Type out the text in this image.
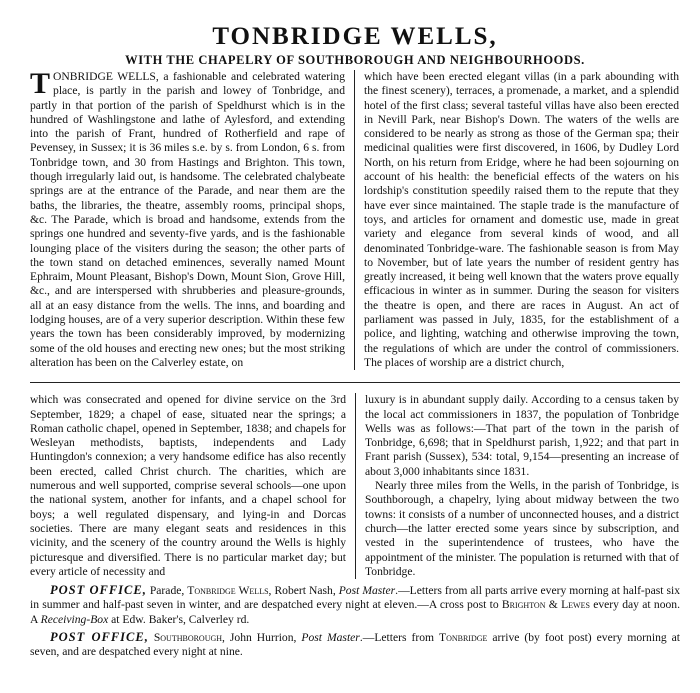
TONBRIDGE WELLS,
WITH THE CHAPELRY OF SOUTHBOROUGH AND NEIGHBOURHOODS.

TONBRIDGE WELLS, a fashionable and celebrated watering place, is partly in the parish and lowey of Tonbridge, and partly in that portion of the parish of Speldhurst which is in the hundred of Washlingstone and lathe of Aylesford, and extending into the parish of Frant, hundred of Rotherfield and rape of Pevensey, in Sussex; it is 36 miles s.e. by s. from London, 6 s. from Tonbridge town, and 30 from Hastings and Brighton. This town, though irregularly laid out, is handsome. The celebrated chalybeate springs are at the entrance of the Parade, and near them are the baths, the libraries, the theatre, assembly rooms, principal shops, &c. The Parade, which is broad and handsome, extends from the springs one hundred and seventy-five yards, and is the fashionable lounging place of the visiters during the season; the other parts of the town stand on detached eminences, severally named Mount Ephraim, Mount Pleasant, Bishop's Down, Mount Sion, Grove Hill, &c., and are interspersed with shrubberies and pleasure-grounds, all at an easy distance from the wells. The inns, and boarding and lodging houses, are of a very superior description. Within these few years the town has been considerably improved, by modernizing some of the old houses and erecting new ones; but the most striking alteration has been on the Calverley estate, on

which have been erected elegant villas (in a park abounding with the finest scenery), terraces, a promenade, a market, and a splendid hotel of the first class; several tasteful villas have also been erected in Nevill Park, near Bishop's Down. The waters of the wells are considered to be nearly as strong as those of the German spa; their medicinal qualities were first discovered, in 1606, by Dudley Lord North, on his return from Eridge, where he had been sojourning on account of his health: the beneficial effects of the waters on his lordship's constitution speedily raised them to the repute that they have ever since maintained. The staple trade is the manufacture of toys, and articles for ornament and domestic use, made in great variety and elegance from several kinds of wood, and all denominated Tonbridge-ware. The fashionable season is from May to November, but of late years the number of resident gentry has greatly increased, it being well known that the waters prove equally efficacious in winter as in summer. During the season for visiters the theatre is open, and there are races in August. An act of parliament was passed in July, 1835, for the establishment of a police, and lighting, watching and otherwise improving the town, the regulations of which are under the control of commissioners. The places of worship are a district church,

which was consecrated and opened for divine service on the 3rd September, 1829; a chapel of ease, situated near the springs; a Roman catholic chapel, opened in September, 1838; and chapels for Wesleyan methodists, baptists, independents and Lady Huntingdon's connexion; a very handsome edifice has also recently been erected, called Christ church. The charities, which are numerous and well supported, comprise several schools—one upon the national system, another for infants, and a chapel school for boys; a well regulated dispensary, and lying-in and Dorcas societies. There are many elegant seats and residences in this vicinity, and the scenery of the country around the Wells is highly picturesque and diversified. There is no particular market day; but every article of necessity and

luxury is in abundant supply daily. According to a census taken by the local act commissioners in 1837, the population of Tonbridge Wells was as follows:—That part of the town in the parish of Tonbridge, 6,698; that in Speldhurst parish, 1,922; and that part in Frant parish (Sussex), 534: total, 9,154—presenting an increase of about 3,000 inhabitants since 1831.

Nearly three miles from the Wells, in the parish of Tonbridge, is Southborough, a chapelry, lying about midway between the two towns: it consists of a number of unconnected houses, and a district church—the latter erected some years since by subscription, and vested in the superintendence of trustees, who have the appointment of the minister. The population is returned with that of Tonbridge.

POST OFFICE, Parade, Tonbridge Wells, Robert Nash, Post Master.—Letters from all parts arrive every morning at half-past six in summer and half-past seven in winter, and are despatched every night at eleven.—A cross post to Brighton & Lewes every day at noon. A Receiving-Box at Edw. Baker's, Calverley rd.
POST OFFICE, Southborough, John Hurrion, Post Master.—Letters from Tonbridge arrive (by foot post) every morning at seven, and are despatched every night at nine.
